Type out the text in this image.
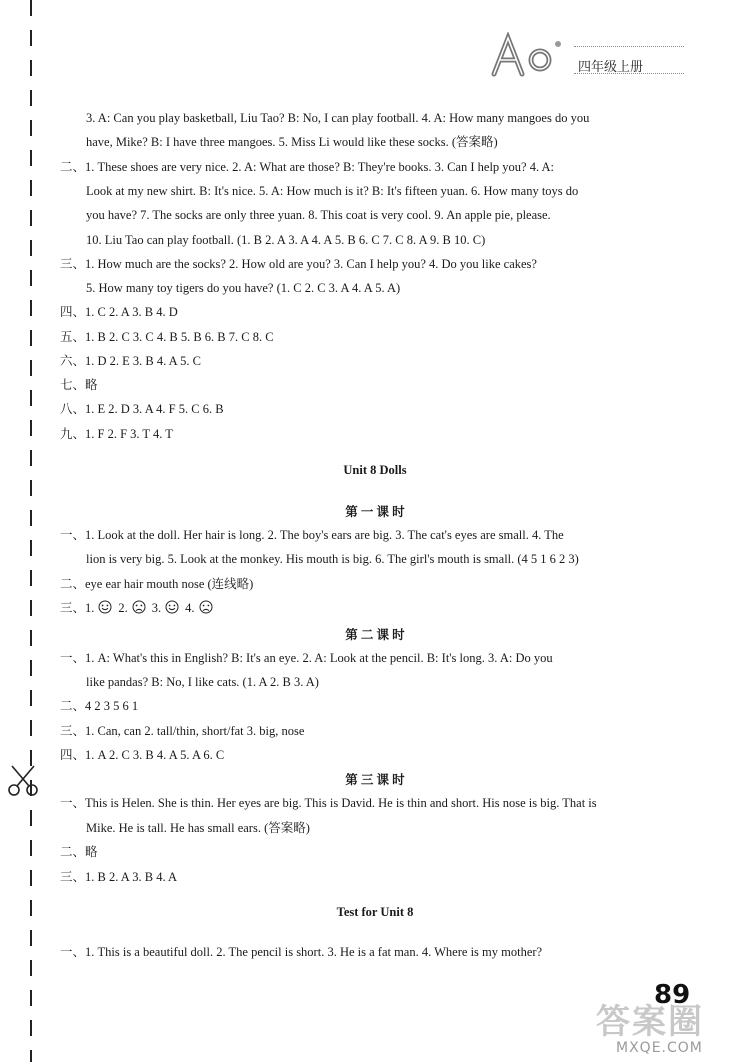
四年级上册
3. A: Can you play basketball, Liu Tao? B: No, I can play football. 4. A: How many mangoes do you
have, Mike? B: I have three mangoes. 5. Miss Li would like these socks. (答案略)
二、1. These shoes are very nice. 2. A: What are those? B: They're books. 3. Can I help you? 4. A:
Look at my new shirt. B: It's nice. 5. A: How much is it? B: It's fifteen yuan. 6. How many toys do
you have? 7. The socks are only three yuan. 8. This coat is very cool. 9. An apple pie, please.
10. Liu Tao can play football. (1. B 2. A 3. A 4. A 5. B 6. C 7. C 8. A 9. B 10. C)
三、1. How much are the socks? 2. How old are you? 3. Can I help you? 4. Do you like cakes?
5. How many toy tigers do you have? (1. C 2. C 3. A 4. A 5. A)
四、1. C 2. A 3. B 4. D
五、1. B 2. C 3. C 4. B 5. B 6. B 7. C 8. C
六、1. D 2. E 3. B 4. A 5. C
七、略
八、1. E 2. D 3. A 4. F 5. C 6. B
九、1. F 2. F 3. T 4. T
Unit 8 Dolls
第 一 课 时
一、1. Look at the doll. Her hair is long. 2. The boy's ears are big. 3. The cat's eyes are small. 4. The
lion is very big. 5. Look at the monkey. His mouth is big. 6. The girl's mouth is small. (4 5 1 6 2 3)
二、eye ear hair mouth nose (连线略)
三、1. 2. 3. 4.
第 二 课 时
一、1. A: What's this in English? B: It's an eye. 2. A: Look at the pencil. B: It's long. 3. A: Do you
like pandas? B: No, I like cats. (1. A 2. B 3. A)
二、4 2 3 5 6 1
三、1. Can, can 2. tall/thin, short/fat 3. big, nose
四、1. A 2. C 3. B 4. A 5. A 6. C
第 三 课 时
一、This is Helen. She is thin. Her eyes are big. This is David. He is thin and short. His nose is big. That is
Mike. He is tall. He has small ears. (答案略)
二、略
三、1. B 2. A 3. B 4. A
Test for Unit 8
一、1. This is a beautiful doll. 2. The pencil is short. 3. He is a fat man. 4. Where is my mother?
89
答案圈
MXQE.COM
